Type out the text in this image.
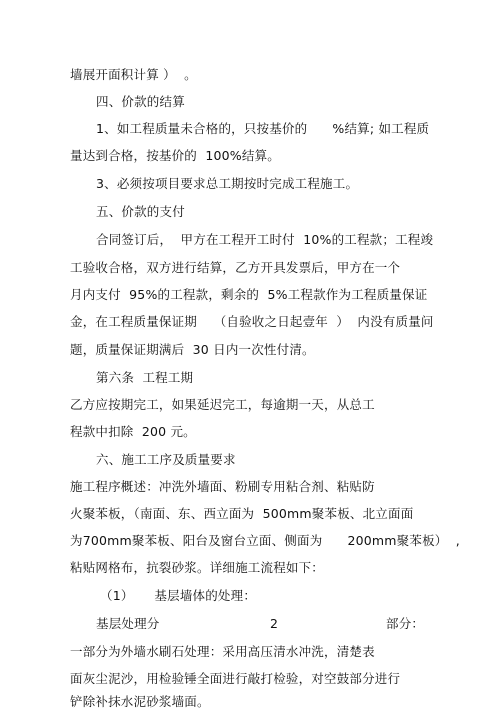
墙展开面积计算 ）  。
四、价款的结算
1、如工程质量未合格的，只按基价的      %结算; 如工程质
量达到合格，按基价的  100%结算。
3、必须按项目要求总工期按时完成工程施工。
五、价款的支付
合同签订后，  甲方在工程开工时付  10%的工程款；工程竣
工验收合格，双方进行结算，乙方开具发票后，甲方在一个
月内支付  95%的工程款，剩余的  5%工程款作为工程质量保证
金，在工程质量保证期    （自验收之日起壹年  ）  内没有质量问
题，质量保证期满后  30 日内一次性付清。
第六条  工程工期
乙方应按期完工，如果延迟完工，每逾期一天，从总工
程款中扣除  200 元。
六、施工工序及质量要求
施工程序概述：冲洗外墙面、粉刷专用粘合剂、粘贴防
火聚苯板，（南面、东、西立面为  500mm聚苯板、北立面面
为700mm聚苯板、阳台及窗台立面、侧面为      200mm聚苯板）  ,
粘贴网格布，抗裂砂浆。详细施工流程如下：
（1）     基层墙体的处理：
基层处理分	2	部分：
一部分为外墙水刷石处理：采用高压清水冲洗，清楚表
面灰尘泥沙，用检验锤全面进行敲打检验，对空鼓部分进行
铲除补抹水泥砂浆墙面。
